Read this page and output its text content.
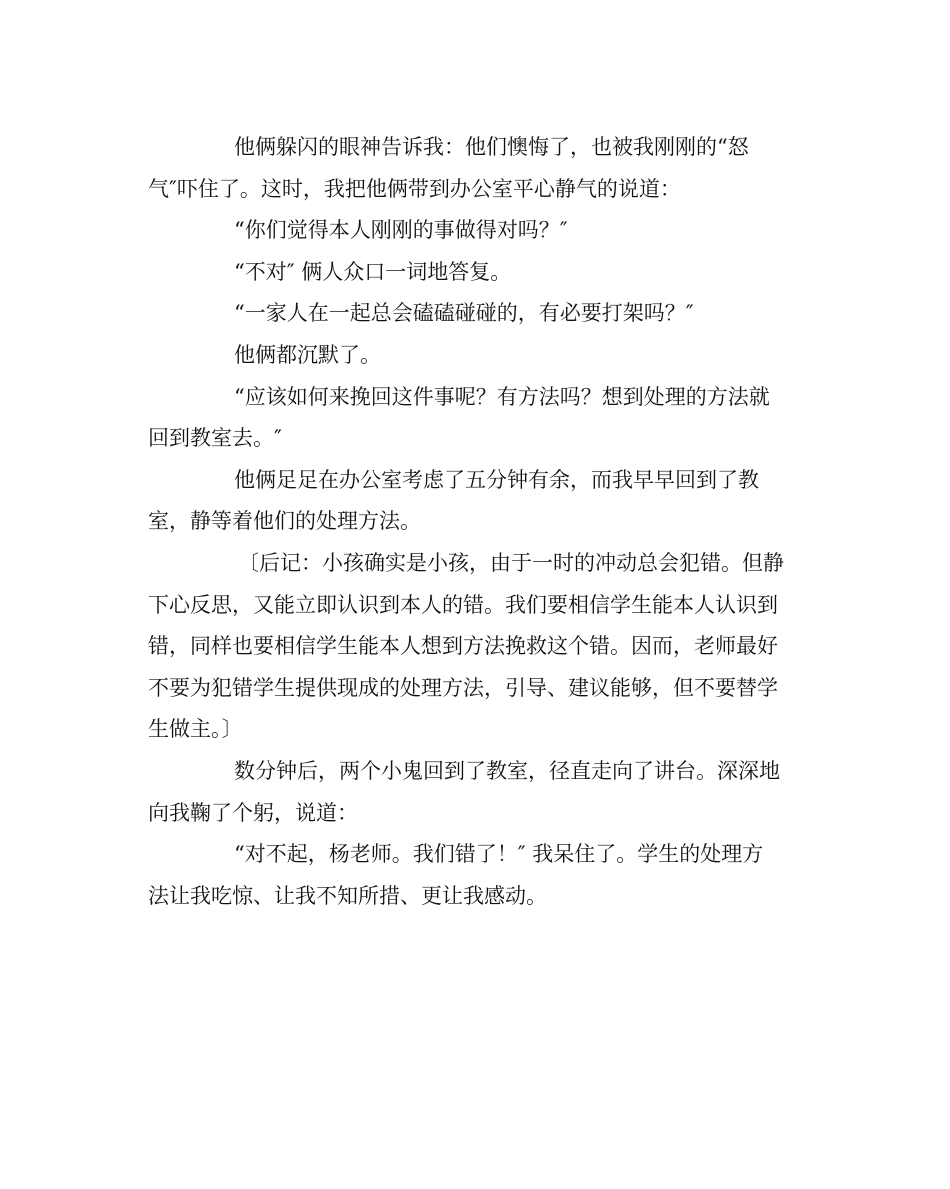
他俩躲闪的眼神告诉我：他们懊悔了，也被我刚刚的“怒
气″吓住了。这时，我把他俩带到办公室平心静气的说道：
“你们觉得本人刚刚的事做得对吗？″
“不对″ 俩人众口一词地答复。
“一家人在一起总会磕磕碰碰的，有必要打架吗？″
他俩都沉默了。
“应该如何来挽回这件事呢？有方法吗？想到处理的方法就
回到教室去。″
他俩足足在办公室考虑了五分钟有余，而我早早回到了教
室，静等着他们的处理方法。
〔后记：小孩确实是小孩，由于一时的冲动总会犯错。但静
下心反思，又能立即认识到本人的错。我们要相信学生能本人认识到
错，同样也要相信学生能本人想到方法挽救这个错。因而，老师最好
不要为犯错学生提供现成的处理方法，引导、建议能够，但不要替学
生做主。〕
数分钟后，两个小鬼回到了教室，径直走向了讲台。深深地
向我鞠了个躬，说道：
“对不起，杨老师。我们错了！″ 我呆住了。学生的处理方
法让我吃惊、让我不知所措、更让我感动。
